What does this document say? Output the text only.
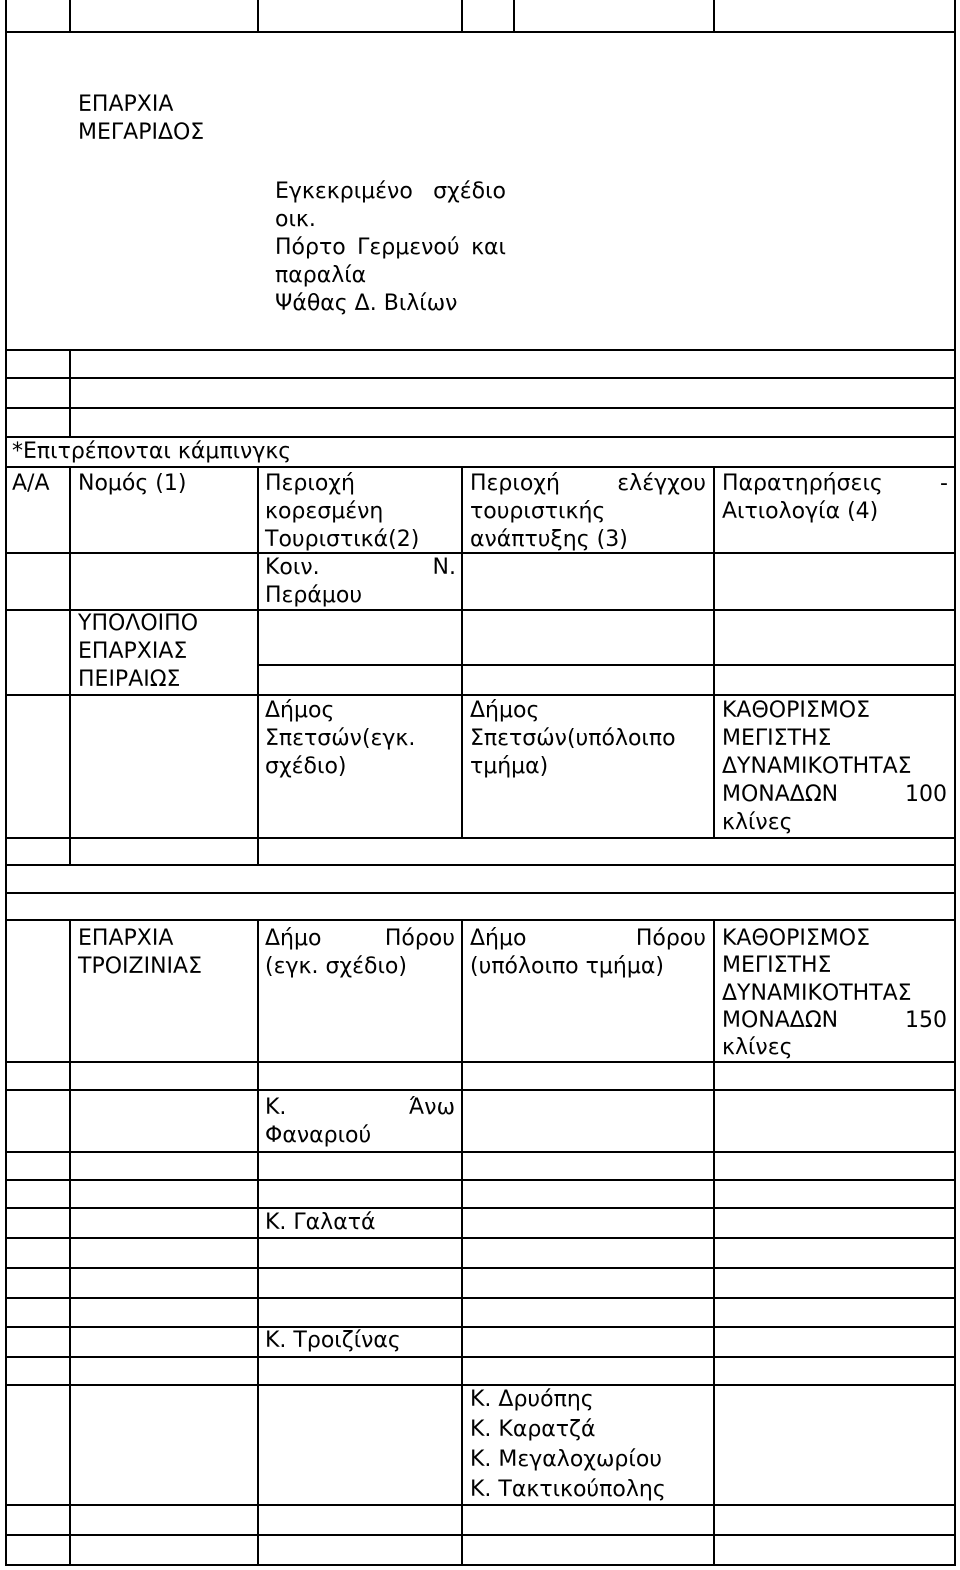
ΕΠΑΡΧΙΑ
ΜΕΓΑΡΙΔΟΣ
Εγκεκριμένο σχέδιο
οικ.
Πόρτο Γερμενού και
παραλία
Ψάθας Δ. Βιλίων
*Επιτρέπονται κάμπινγκς
Α/Α Νομός (1)	Περιοχή
κορεσμένη
Τουριστικά(2)
Περιοχή ελέγχου
τουριστικής
ανάπτυξης (3)
Παρατηρήσεις -
Αιτιολογία (4)
Κοιν. Ν.
Περάμου
ΥΠΟΛΟΙΠΟ
ΕΠΑΡΧΙΑΣ
ΠΕΙΡΑΙΩΣ
Δήμος
Σπετσών(εγκ.
σχέδιο)
Δήμος
Σπετσών(υπόλοιπο
τμήμα)
ΚΑΘΟΡΙΣΜΟΣ
ΜΕΓΙΣΤΗΣ
ΔΥΝΑΜΙΚΟΤΗΤΑΣ
ΜΟΝΑΔΩΝ 100
κλίνες
ΕΠΑΡΧΙΑ
ΤΡΟΙΖΙΝΙΑΣ
Δήμο Πόρου
(εγκ. σχέδιο)
Δήμο Πόρου
(υπόλοιπο τμήμα)
ΚΑΘΟΡΙΣΜΟΣ
ΜΕΓΙΣΤΗΣ
ΔΥΝΑΜΙΚΟΤΗΤΑΣ
ΜΟΝΑΔΩΝ 150
κλίνες
Κ. Άνω
Φαναριού
Κ. Γαλατά
Κ. Τροιζίνας
Κ. Δρυόπης
Κ. Καρατζά
Κ. Μεγαλοχωρίου
Κ. Τακτικούπολης
